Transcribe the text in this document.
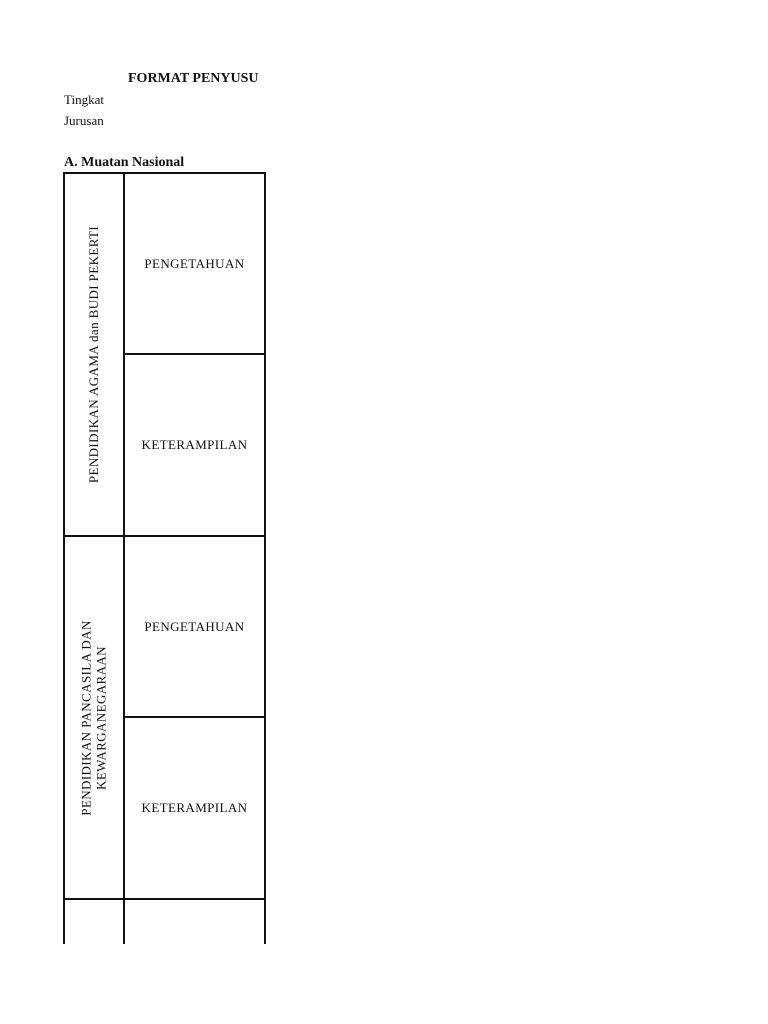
FORMAT PENYUSU
Tingkat
Jurusan
A. Muatan Nasional
PENDIDIKAN AGAMA dan BUDI PEKERTI	PENGETAHUAN
KETERAMPILAN
PENDIDIKAN PANCASILA DAN KEWARGANEGARAAN
PENGETAHUAN
KETERAMPILAN
